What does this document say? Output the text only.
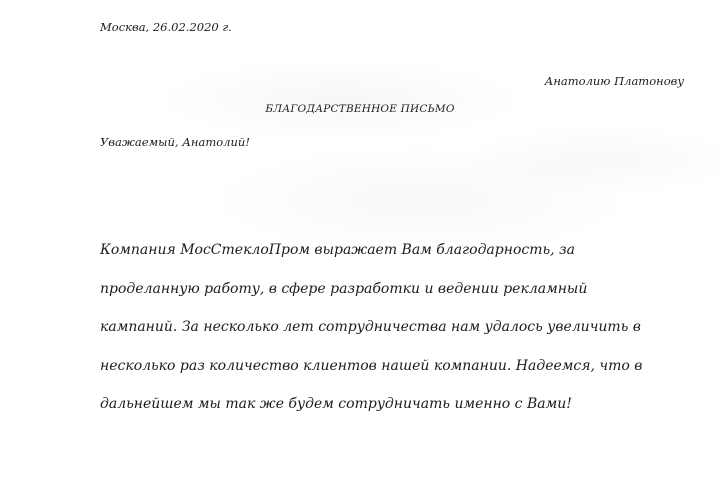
Москва, 26.02.2020 г.
Анатолию Платонову
БЛАГОДАРСТВЕННОЕ ПИСЬМО
Уважаемый, Анатолий!
Компания МосСтеклоПром выражает Вам благодарность, за
проделанную работу, в сфере разработки и ведении рекламный
кампаний. За несколько лет сотрудничества нам удалось увеличить в
несколько раз количество клиентов нашей компании. Надеемся, что в
дальнейшем мы так же будем сотрудничать именно с Вами!
